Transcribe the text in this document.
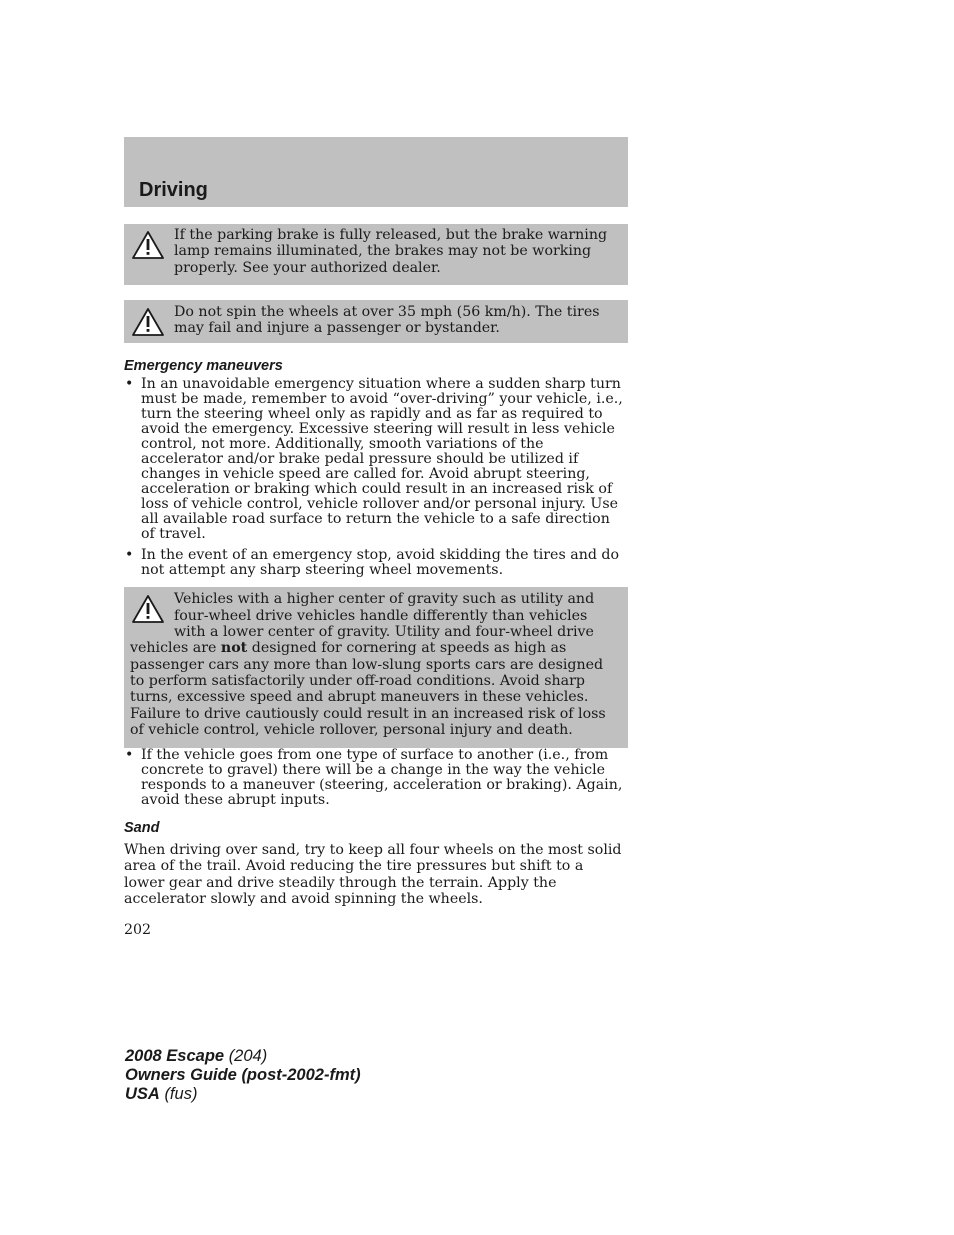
Driving
If the parking brake is fully released, but the brake warning lamp remains illuminated, the brakes may not be working properly. See your authorized dealer.
Do not spin the wheels at over 35 mph (56 km/h). The tires may fail and injure a passenger or bystander.
Emergency maneuvers
• In an unavoidable emergency situation where a sudden sharp turn must be made, remember to avoid “over-driving” your vehicle, i.e., turn the steering wheel only as rapidly and as far as required to avoid the emergency. Excessive steering will result in less vehicle control, not more. Additionally, smooth variations of the accelerator and/or brake pedal pressure should be utilized if changes in vehicle speed are called for. Avoid abrupt steering, acceleration or braking which could result in an increased risk of loss of vehicle control, vehicle rollover and/or personal injury. Use all available road surface to return the vehicle to a safe direction of travel.
• In the event of an emergency stop, avoid skidding the tires and do not attempt any sharp steering wheel movements.
Vehicles with a higher center of gravity such as utility and four-wheel drive vehicles handle differently than vehicles with a lower center of gravity. Utility and four-wheel drive vehicles are not designed for cornering at speeds as high as passenger cars any more than low-slung sports cars are designed to perform satisfactorily under off-road conditions. Avoid sharp turns, excessive speed and abrupt maneuvers in these vehicles. Failure to drive cautiously could result in an increased risk of loss of vehicle control, vehicle rollover, personal injury and death.
• If the vehicle goes from one type of surface to another (i.e., from concrete to gravel) there will be a change in the way the vehicle responds to a maneuver (steering, acceleration or braking). Again, avoid these abrupt inputs.
Sand

When driving over sand, try to keep all four wheels on the most solid area of the trail. Avoid reducing the tire pressures but shift to a lower gear and drive steadily through the terrain. Apply the accelerator slowly and avoid spinning the wheels.

202
2008 Escape (204)
Owners Guide (post-2002-fmt)
USA (fus)
